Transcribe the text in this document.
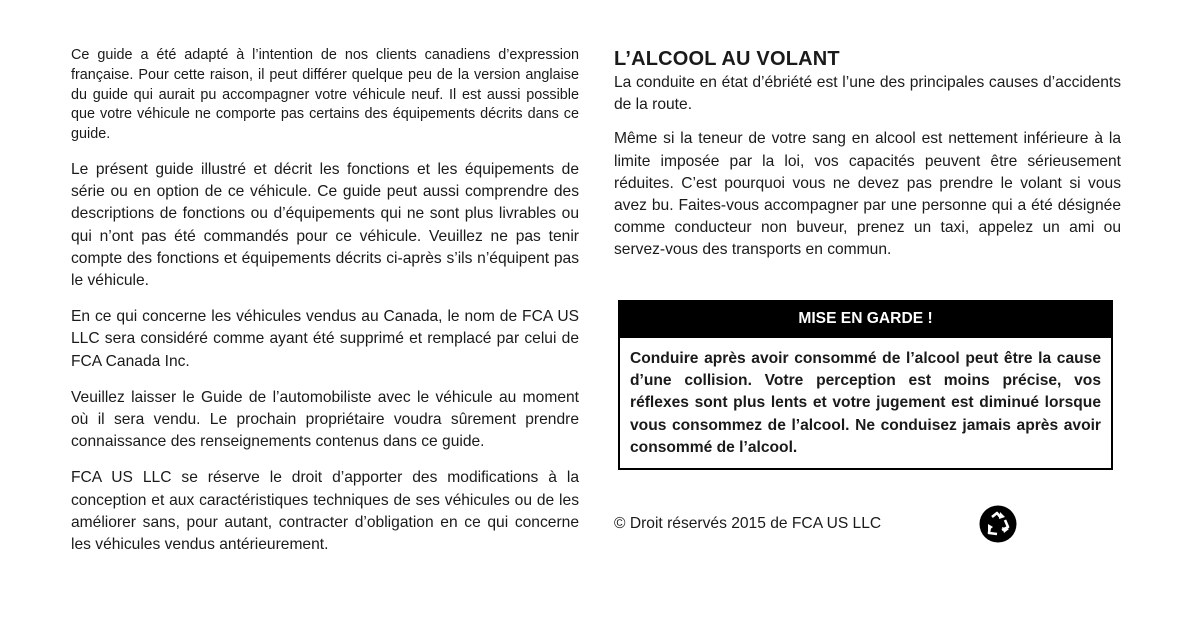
Ce guide a été adapté à l’intention de nos clients canadiens d’expression française. Pour cette raison, il peut différer quelque peu de la version anglaise du guide qui aurait pu accompagner votre véhicule neuf. Il est aussi possible que votre véhicule ne comporte pas certains des équipements décrits dans ce guide.

Le présent guide illustré et décrit les fonctions et les équipements de série ou en option de ce véhicule. Ce guide peut aussi comprendre des descriptions de fonctions ou d’équipements qui ne sont plus livrables ou qui n’ont pas été commandés pour ce véhicule. Veuillez ne pas tenir compte des fonctions et équipements décrits ci-après s’ils n’équipent pas le véhicule.

En ce qui concerne les véhicules vendus au Canada, le nom de FCA US LLC sera considéré comme ayant été supprimé et remplacé par celui de FCA Canada Inc.

Veuillez laisser le Guide de l’automobiliste avec le véhicule au moment où il sera vendu. Le prochain propriétaire voudra sûrement prendre connaissance des renseignements contenus dans ce guide.

FCA US LLC se réserve le droit d’apporter des modifications à la conception et aux caractéristiques techniques de ses véhicules ou de les améliorer sans, pour autant, contracter d’obligation en ce qui concerne les véhicules vendus antérieurement.

L’ALCOOL AU VOLANT

La conduite en état d’ébriété est l’une des principales causes d’accidents de la route.

Même si la teneur de votre sang en alcool est nettement inférieure à la limite imposée par la loi, vos capacités peuvent être sérieusement réduites. C’est pourquoi vous ne devez pas prendre le volant si vous avez bu. Faites-vous accompagner par une personne qui a été désignée comme conducteur non buveur, prenez un taxi, appelez un ami ou servez-vous des transports en commun.

MISE EN GARDE !
Conduire après avoir consommé de l’alcool peut être la cause d’une collision. Votre perception est moins précise, vos réflexes sont plus lents et votre jugement est diminué lorsque vous consommez de l’alcool. Ne conduisez jamais après avoir consommé de l’alcool.
© Droit réservés 2015 de FCA US LLC
